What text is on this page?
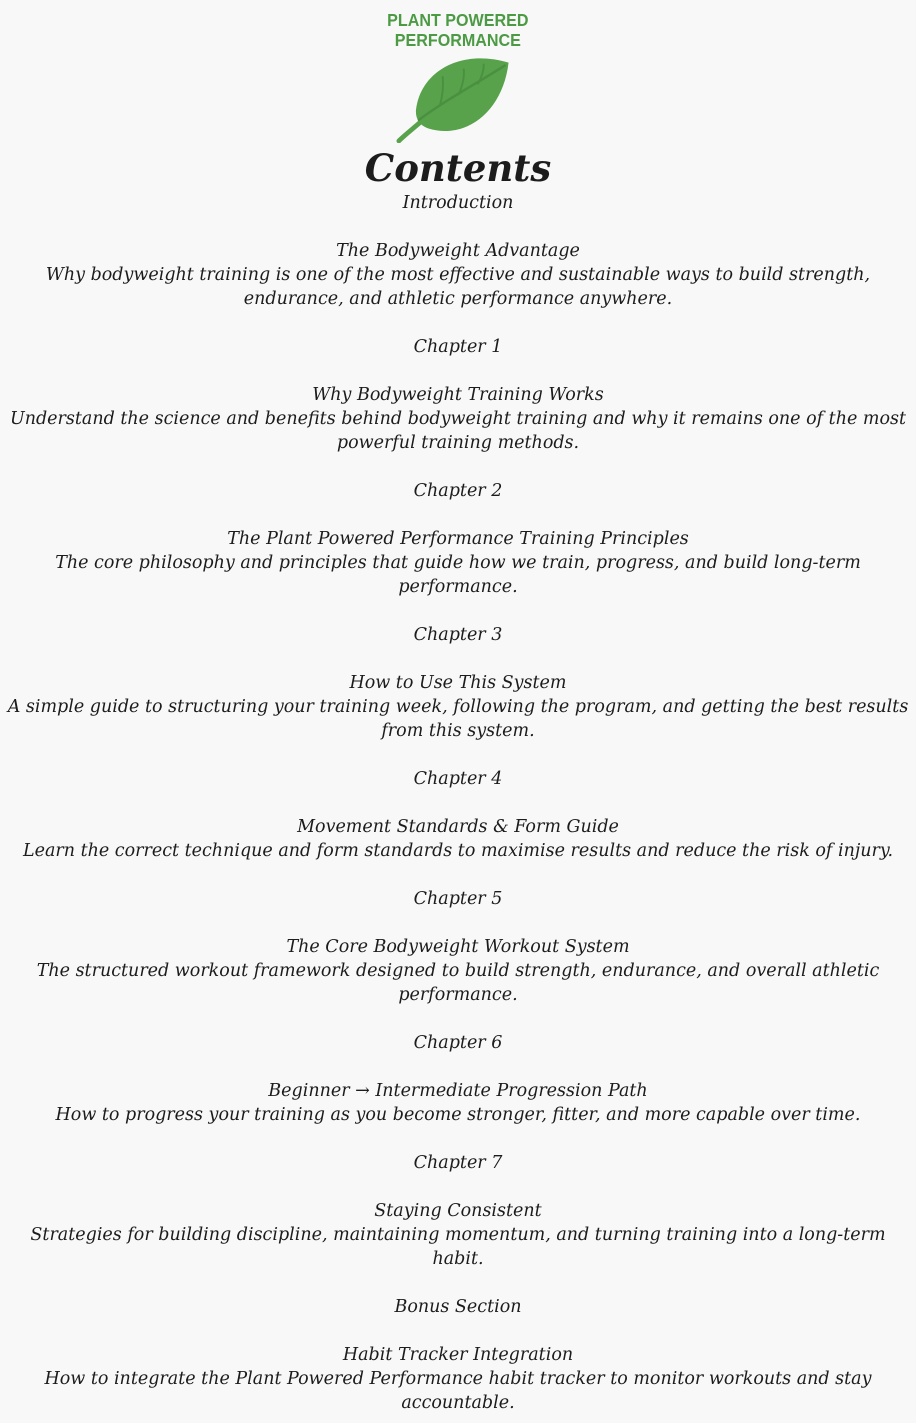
PLANT POWERED
PERFORMANCE
Contents

Introduction

The Bodyweight Advantage

Why bodyweight training is one of the most effective and sustainable ways to build strength, endurance, and athletic performance anywhere.

Chapter 1

Why Bodyweight Training Works

Understand the science and benefits behind bodyweight training and why it remains one of the most powerful training methods.

Chapter 2

The Plant Powered Performance Training Principles

The core philosophy and principles that guide how we train, progress, and build long-term performance.

Chapter 3

How to Use This System

A simple guide to structuring your training week, following the program, and getting the best results from this system.

Chapter 4

Movement Standards & Form Guide

Learn the correct technique and form standards to maximise results and reduce the risk of injury.

Chapter 5

The Core Bodyweight Workout System

The structured workout framework designed to build strength, endurance, and overall athletic performance.

Chapter 6

Beginner → Intermediate Progression Path

How to progress your training as you become stronger, fitter, and more capable over time.

Chapter 7

Staying Consistent

Strategies for building discipline, maintaining momentum, and turning training into a long-term habit.

Bonus Section

Habit Tracker Integration

How to integrate the Plant Powered Performance habit tracker to monitor workouts and stay accountable.
